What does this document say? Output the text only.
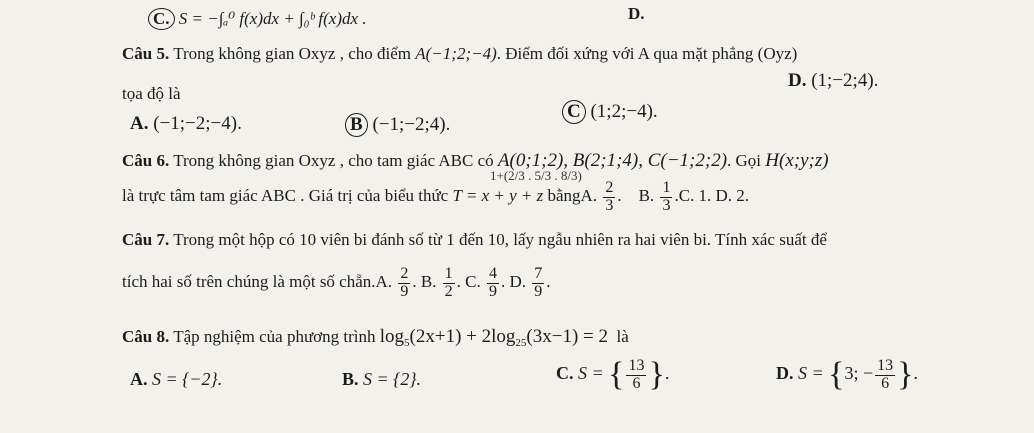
C. S = −∫ₐ⁰ f(x)dx + ∫₀ᵇ f(x)dx .	D.
Câu 5. Trong không gian Oxyz , cho điểm A(−1;2;−4). Điểm đối xứng với A qua mặt phẳng (Oyz)
tọa độ là
D. (1;−2;4).
A. (−1;−2;−4).	B (−1;−2;4).
C (1;2;−4).
Câu 6. Trong không gian Oxyz , cho tam giác ABC có A(0;1;2), B(2;1;4), C(−1;2;2). Gọi H(x;y;z)
1+(2/3 . 5/3 . 8/3)
là trực tâm tam giác ABC . Giá trị của biểu thức T = x + y + z bằngA. $\frac{2}{3}$ .    B. $\frac{1}{3} .C$. 1. D. 2.
Câu 7. Trong một hộp có 10 viên bi đánh số từ 1 đến 10, lấy ngẫu nhiên ra hai viên bi. Tính xác suất để
tích hai số trên chúng là một số chẵn.A. $\frac{2}{9}$ . B. $\frac{1}{2}$ . C. $\frac{4}{9}$ . D. $\frac{7}{9}$ .
Câu 8. Tập nghiệm của phương trình $\log_5(2x+1) + 2\log_{25}(3x-1) = 2$ là
A. S = {−2}.	B. S = {2}.	C. S = { $\frac{13}{6}$ }.	D. S = {3; − $\frac{13}{6}$ }.
